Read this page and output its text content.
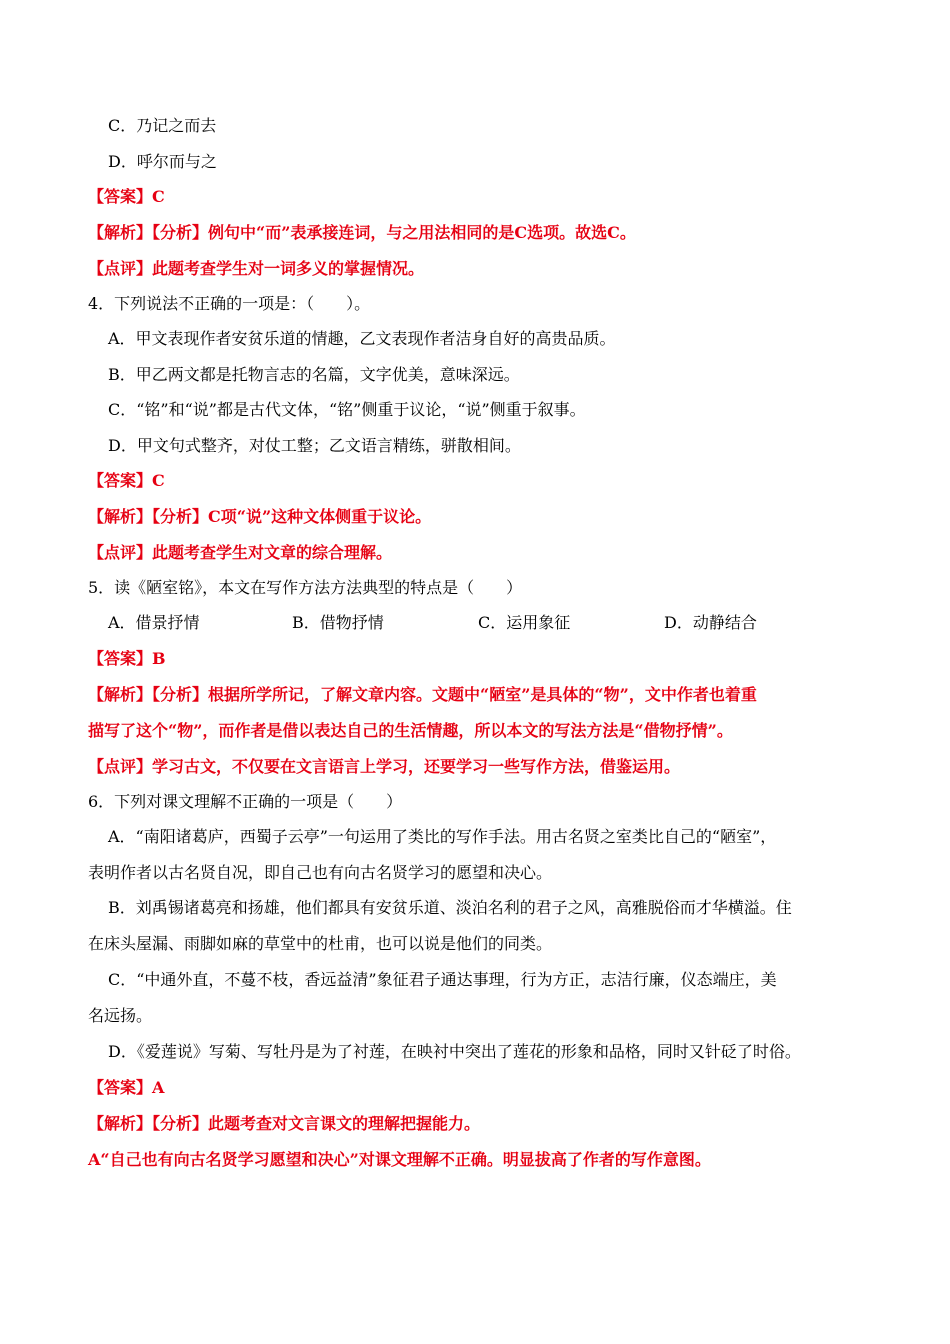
C．乃记之而去
D．呼尔而与之
【答案】C
【解析】【分析】例句中“而”表承接连词，与之用法相同的是C选项。故选C。
【点评】此题考查学生对一词多义的掌握情况。
4．下列说法不正确的一项是：（　　）。
A．甲文表现作者安贫乐道的情趣，乙文表现作者洁身自好的高贵品质。
B．甲乙两文都是托物言志的名篇，文字优美，意味深远。
C．“铭”和“说”都是古代文体，“铭”侧重于议论，“说”侧重于叙事。
D．甲文句式整齐，对仗工整；乙文语言精练，骈散相间。
【答案】C
【解析】【分析】C项“说”这种文体侧重于议论。
【点评】此题考查学生对文章的综合理解。
5．读《陋室铭》，本文在写作方法方法典型的特点是（　　）
A．借景抒情	B．借物抒情	C．运用象征	D．动静结合
【答案】B
【解析】【分析】根据所学所记，了解文章内容。文题中“陋室”是具体的“物”，文中作者也着重
描写了这个“物”，而作者是借以表达自己的生活情趣，所以本文的写法方法是“借物抒情”。
【点评】学习古文，不仅要在文言语言上学习，还要学习一些写作方法，借鉴运用。
6．下列对课文理解不正确的一项是（　　）
A．“南阳诸葛庐，西蜀子云亭”一句运用了类比的写作手法。用古名贤之室类比自己的“陋室”，
表明作者以古名贤自况，即自己也有向古名贤学习的愿望和决心。
B．刘禹锡诸葛亮和扬雄，他们都具有安贫乐道、淡泊名利的君子之风，高雅脱俗而才华横溢。住
在床头屋漏、雨脚如麻的草堂中的杜甫，也可以说是他们的同类。
C．“中通外直，不蔓不枝，香远益清”象征君子通达事理，行为方正，志洁行廉，仪态端庄，美
名远扬。
D．《爱莲说》写菊、写牡丹是为了衬莲，在映衬中突出了莲花的形象和品格，同时又针砭了时俗。
【答案】A
【解析】【分析】此题考查对文言课文的理解把握能力。
A“自己也有向古名贤学习愿望和决心”对课文理解不正确。明显拔高了作者的写作意图。
